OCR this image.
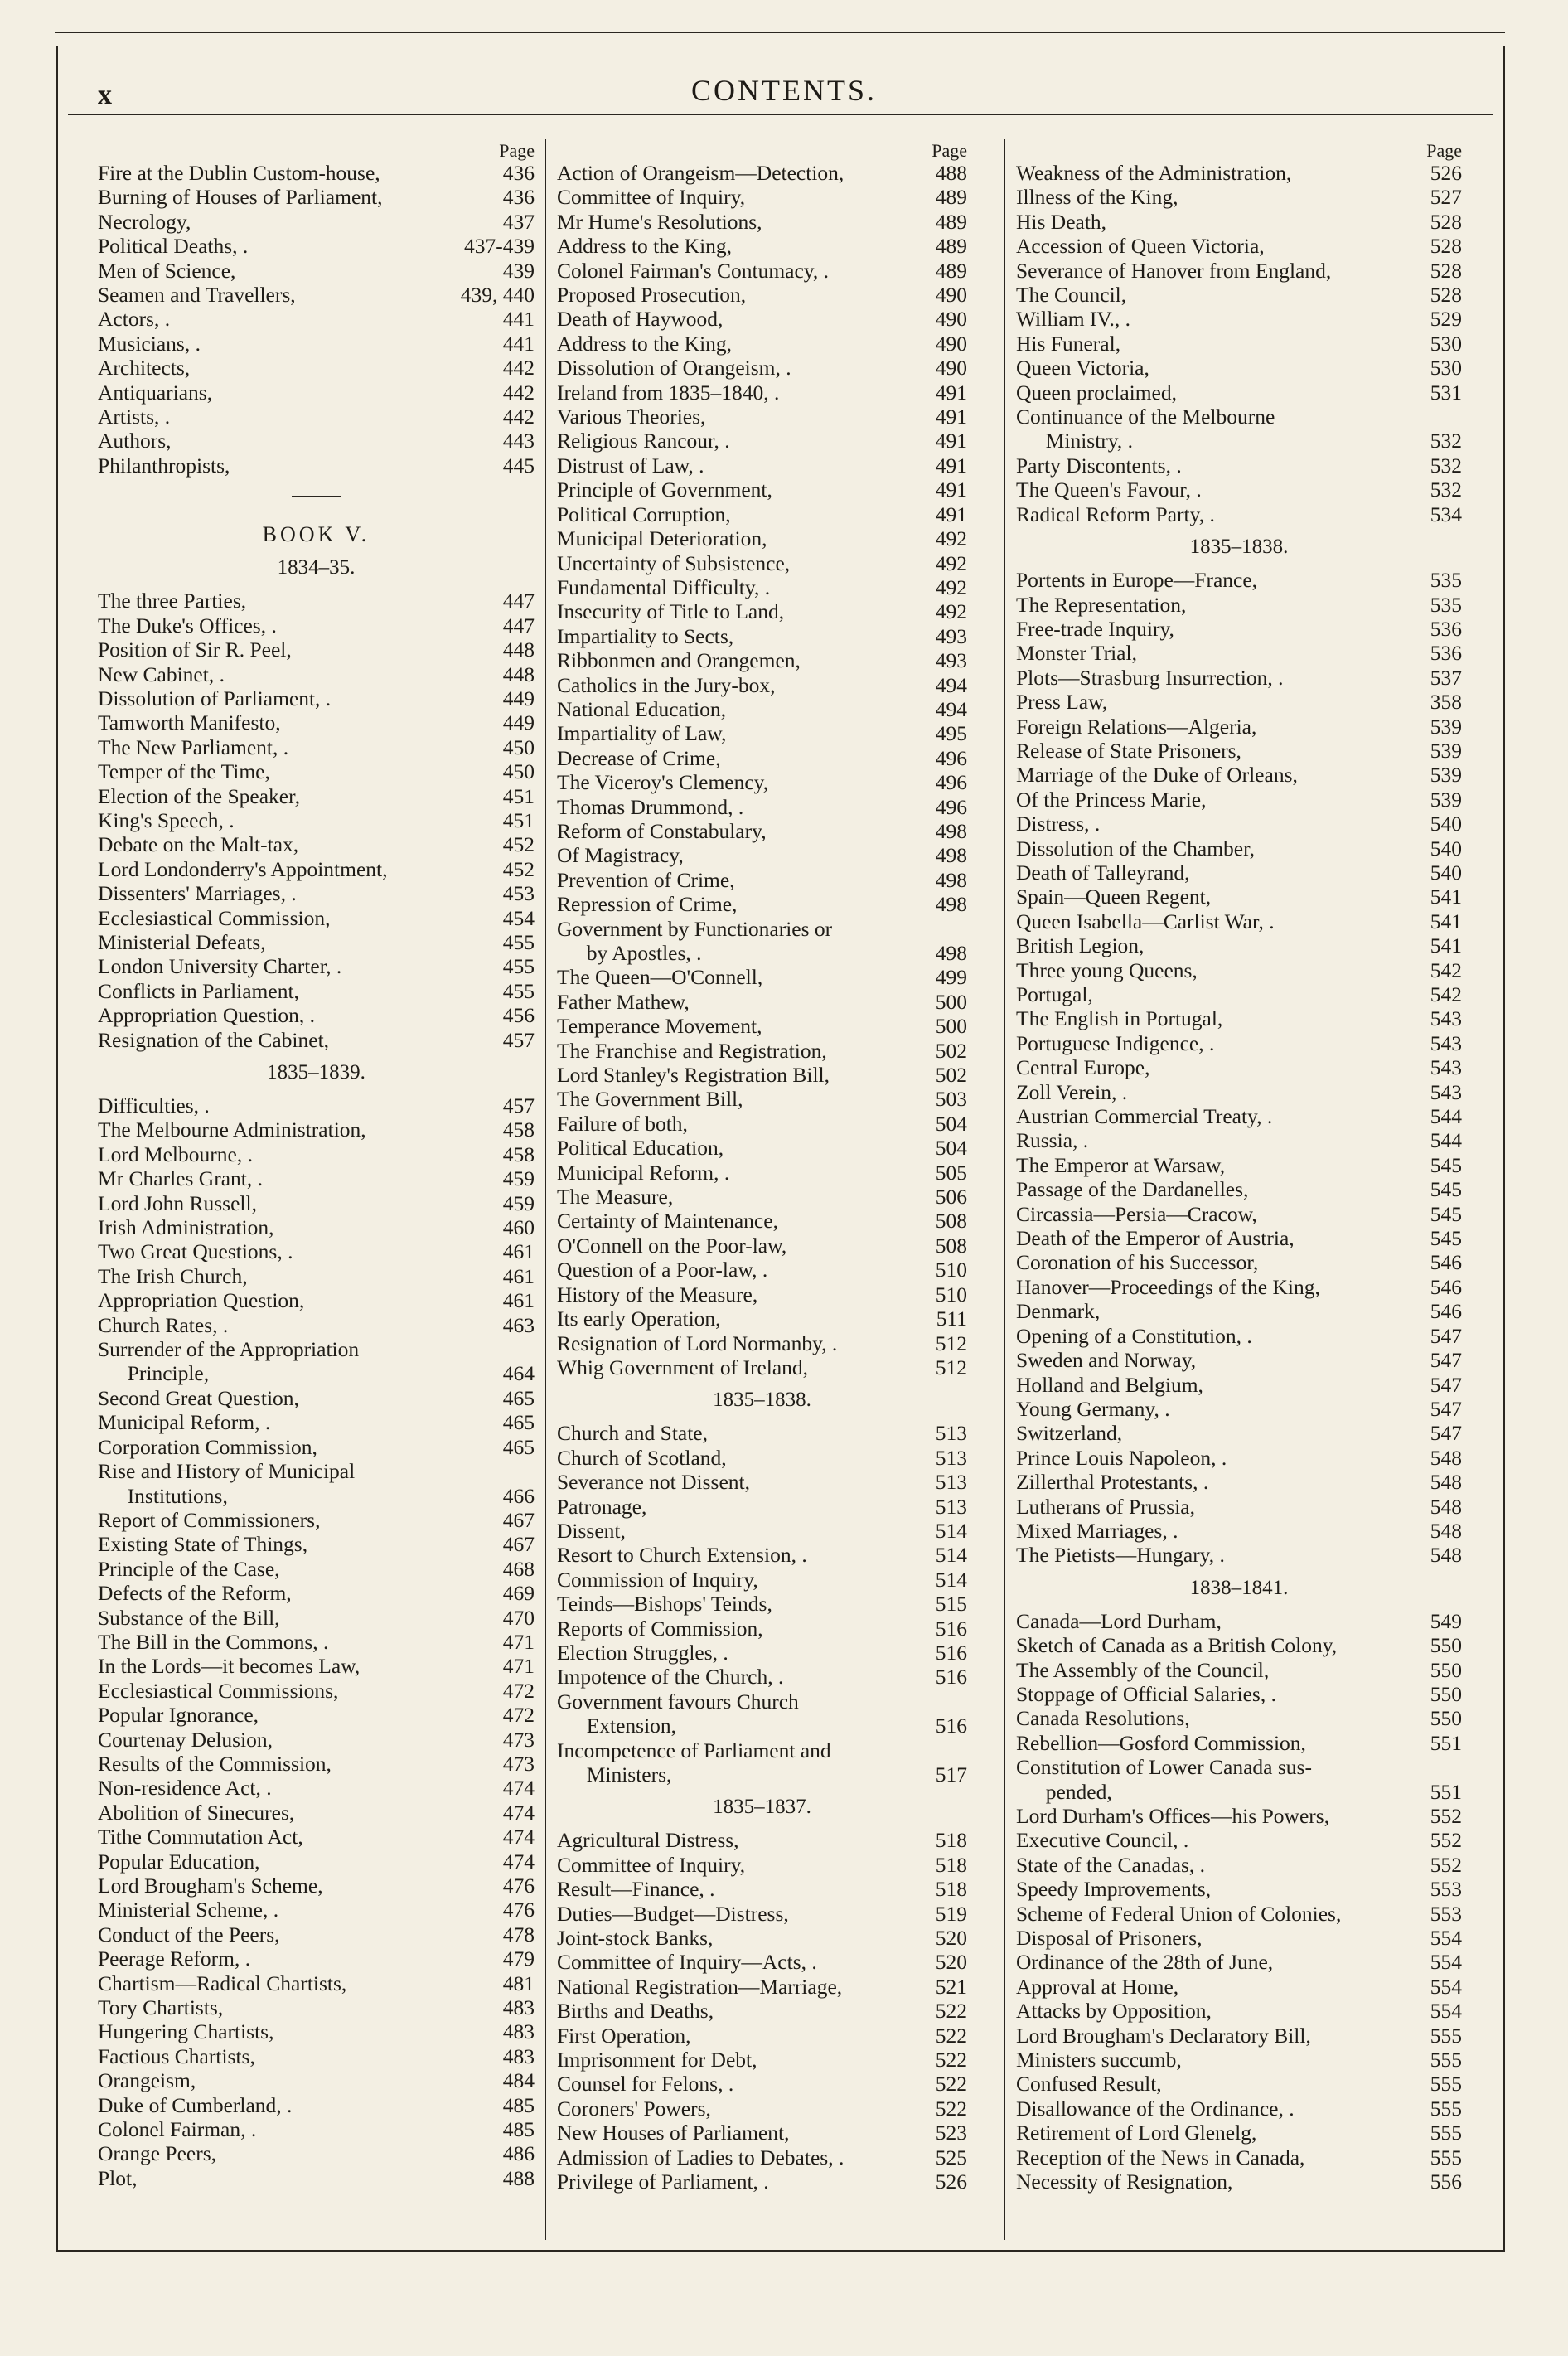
x	CONTENTS.
Page
Fire at the Dublin Custom-house,	436
Burning of Houses of Parliament,	436
Necrology,	437
Political Deaths, .	437-439
Men of Science,	439
Seamen and Travellers,	439, 440
Actors, .	441
Musicians, .	441
Architects,	442
Antiquarians,	442
Artists, .	442
Authors,	443
Philanthropists,	445
BOOK V.
1834–35.
The three Parties,	447
The Duke's Offices, .	447
Position of Sir R. Peel,	448
New Cabinet, .	448
Dissolution of Parliament, .	449
Tamworth Manifesto,	449
The New Parliament, .	450
Temper of the Time,	450
Election of the Speaker,	451
King's Speech, .	451
Debate on the Malt-tax,	452
Lord Londonderry's Appointment,	452
Dissenters' Marriages, .	453
Ecclesiastical Commission,	454
Ministerial Defeats,	455
London University Charter, .	455
Conflicts in Parliament,	455
Appropriation Question, .	456
Resignation of the Cabinet,	457
1835–1839.
Difficulties, .	457
The Melbourne Administration,	458
Lord Melbourne, .	458
Mr Charles Grant, .	459
Lord John Russell,	459
Irish Administration,	460
Two Great Questions, .	461
The Irish Church,	461
Appropriation Question,	461
Church Rates, .	463
Surrender of the Appropriation
Principle,	464
Second Great Question,	465
Municipal Reform, .	465
Corporation Commission,	465
Rise and History of Municipal
Institutions,	466
Report of Commissioners,	467
Existing State of Things,	467
Principle of the Case,	468
Defects of the Reform,	469
Substance of the Bill,	470
The Bill in the Commons, .	471
In the Lords—it becomes Law,	471
Ecclesiastical Commissions,	472
Popular Ignorance,	472
Courtenay Delusion,	473
Results of the Commission,	473
Non-residence Act, .	474
Abolition of Sinecures,	474
Tithe Commutation Act,	474
Popular Education,	474
Lord Brougham's Scheme,	476
Ministerial Scheme, .	476
Conduct of the Peers,	478
Peerage Reform, .	479
Chartism—Radical Chartists,	481
Tory Chartists,	483
Hungering Chartists,	483
Factious Chartists,	483
Orangeism,	484
Duke of Cumberland, .	485
Colonel Fairman, .	485
Orange Peers,	486
Plot,	488
Page
Action of Orangeism—Detection,	488
Committee of Inquiry,	489
Mr Hume's Resolutions,	489
Address to the King,	489
Colonel Fairman's Contumacy, .	489
Proposed Prosecution,	490
Death of Haywood,	490
Address to the King,	490
Dissolution of Orangeism, .	490
Ireland from 1835–1840, .	491
Various Theories,	491
Religious Rancour, .	491
Distrust of Law, .	491
Principle of Government,	491
Political Corruption,	491
Municipal Deterioration,	492
Uncertainty of Subsistence,	492
Fundamental Difficulty, .	492
Insecurity of Title to Land,	492
Impartiality to Sects,	493
Ribbonmen and Orangemen,	493
Catholics in the Jury-box,	494
National Education,	494
Impartiality of Law,	495
Decrease of Crime,	496
The Viceroy's Clemency,	496
Thomas Drummond, .	496
Reform of Constabulary,	498
Of Magistracy,	498
Prevention of Crime,	498
Repression of Crime,	498
Government by Functionaries or
by Apostles, .	498
The Queen—O'Connell,	499
Father Mathew,	500
Temperance Movement,	500
The Franchise and Registration,	502
Lord Stanley's Registration Bill,	502
The Government Bill,	503
Failure of both,	504
Political Education,	504
Municipal Reform, .	505
The Measure,	506
Certainty of Maintenance,	508
O'Connell on the Poor-law,	508
Question of a Poor-law, .	510
History of the Measure,	510
Its early Operation,	511
Resignation of Lord Normanby, .	512
Whig Government of Ireland,	512
1835–1838.
Church and State,	513
Church of Scotland,	513
Severance not Dissent,	513
Patronage,	513
Dissent,	514
Resort to Church Extension, .	514
Commission of Inquiry,	514
Teinds—Bishops' Teinds,	515
Reports of Commission,	516
Election Struggles, .	516
Impotence of the Church, .	516
Government favours Church
Extension,	516
Incompetence of Parliament and
Ministers,	517
1835–1837.
Agricultural Distress,	518
Committee of Inquiry,	518
Result—Finance, .	518
Duties—Budget—Distress,	519
Joint-stock Banks,	520
Committee of Inquiry—Acts, .	520
National Registration—Marriage,	521
Births and Deaths,	522
First Operation,	522
Imprisonment for Debt,	522
Counsel for Felons, .	522
Coroners' Powers,	522
New Houses of Parliament,	523
Admission of Ladies to Debates, .	525
Privilege of Parliament, .	526
Page
Weakness of the Administration,	526
Illness of the King,	527
His Death,	528
Accession of Queen Victoria,	528
Severance of Hanover from England,	528
The Council,	528
William IV., .	529
His Funeral,	530
Queen Victoria,	530
Queen proclaimed,	531
Continuance of the Melbourne
Ministry, .	532
Party Discontents, .	532
The Queen's Favour, .	532
Radical Reform Party, .	534
1835–1838.
Portents in Europe—France,	535
The Representation,	535
Free-trade Inquiry,	536
Monster Trial,	536
Plots—Strasburg Insurrection, .	537
Press Law,	358
Foreign Relations—Algeria,	539
Release of State Prisoners,	539
Marriage of the Duke of Orleans,	539
Of the Princess Marie,	539
Distress, .	540
Dissolution of the Chamber,	540
Death of Talleyrand,	540
Spain—Queen Regent,	541
Queen Isabella—Carlist War, .	541
British Legion,	541
Three young Queens,	542
Portugal,	542
The English in Portugal,	543
Portuguese Indigence, .	543
Central Europe,	543
Zoll Verein, .	543
Austrian Commercial Treaty, .	544
Russia, .	544
The Emperor at Warsaw,	545
Passage of the Dardanelles,	545
Circassia—Persia—Cracow,	545
Death of the Emperor of Austria,	545
Coronation of his Successor,	546
Hanover—Proceedings of the King,	546
Denmark,	546
Opening of a Constitution, .	547
Sweden and Norway,	547
Holland and Belgium,	547
Young Germany, .	547
Switzerland,	547
Prince Louis Napoleon, .	548
Zillerthal Protestants, .	548
Lutherans of Prussia,	548
Mixed Marriages, .	548
The Pietists—Hungary, .	548
1838–1841.
Canada—Lord Durham,	549
Sketch of Canada as a British Colony,	550
The Assembly of the Council,	550
Stoppage of Official Salaries, .	550
Canada Resolutions,	550
Rebellion—Gosford Commission,	551
Constitution of Lower Canada sus-
pended,	551
Lord Durham's Offices—his Powers,	552
Executive Council, .	552
State of the Canadas, .	552
Speedy Improvements,	553
Scheme of Federal Union of Colonies,	553
Disposal of Prisoners,	554
Ordinance of the 28th of June,	554
Approval at Home,	554
Attacks by Opposition,	554
Lord Brougham's Declaratory Bill,	555
Ministers succumb,	555
Confused Result,	555
Disallowance of the Ordinance, .	555
Retirement of Lord Glenelg,	555
Reception of the News in Canada,	555
Necessity of Resignation,	556
